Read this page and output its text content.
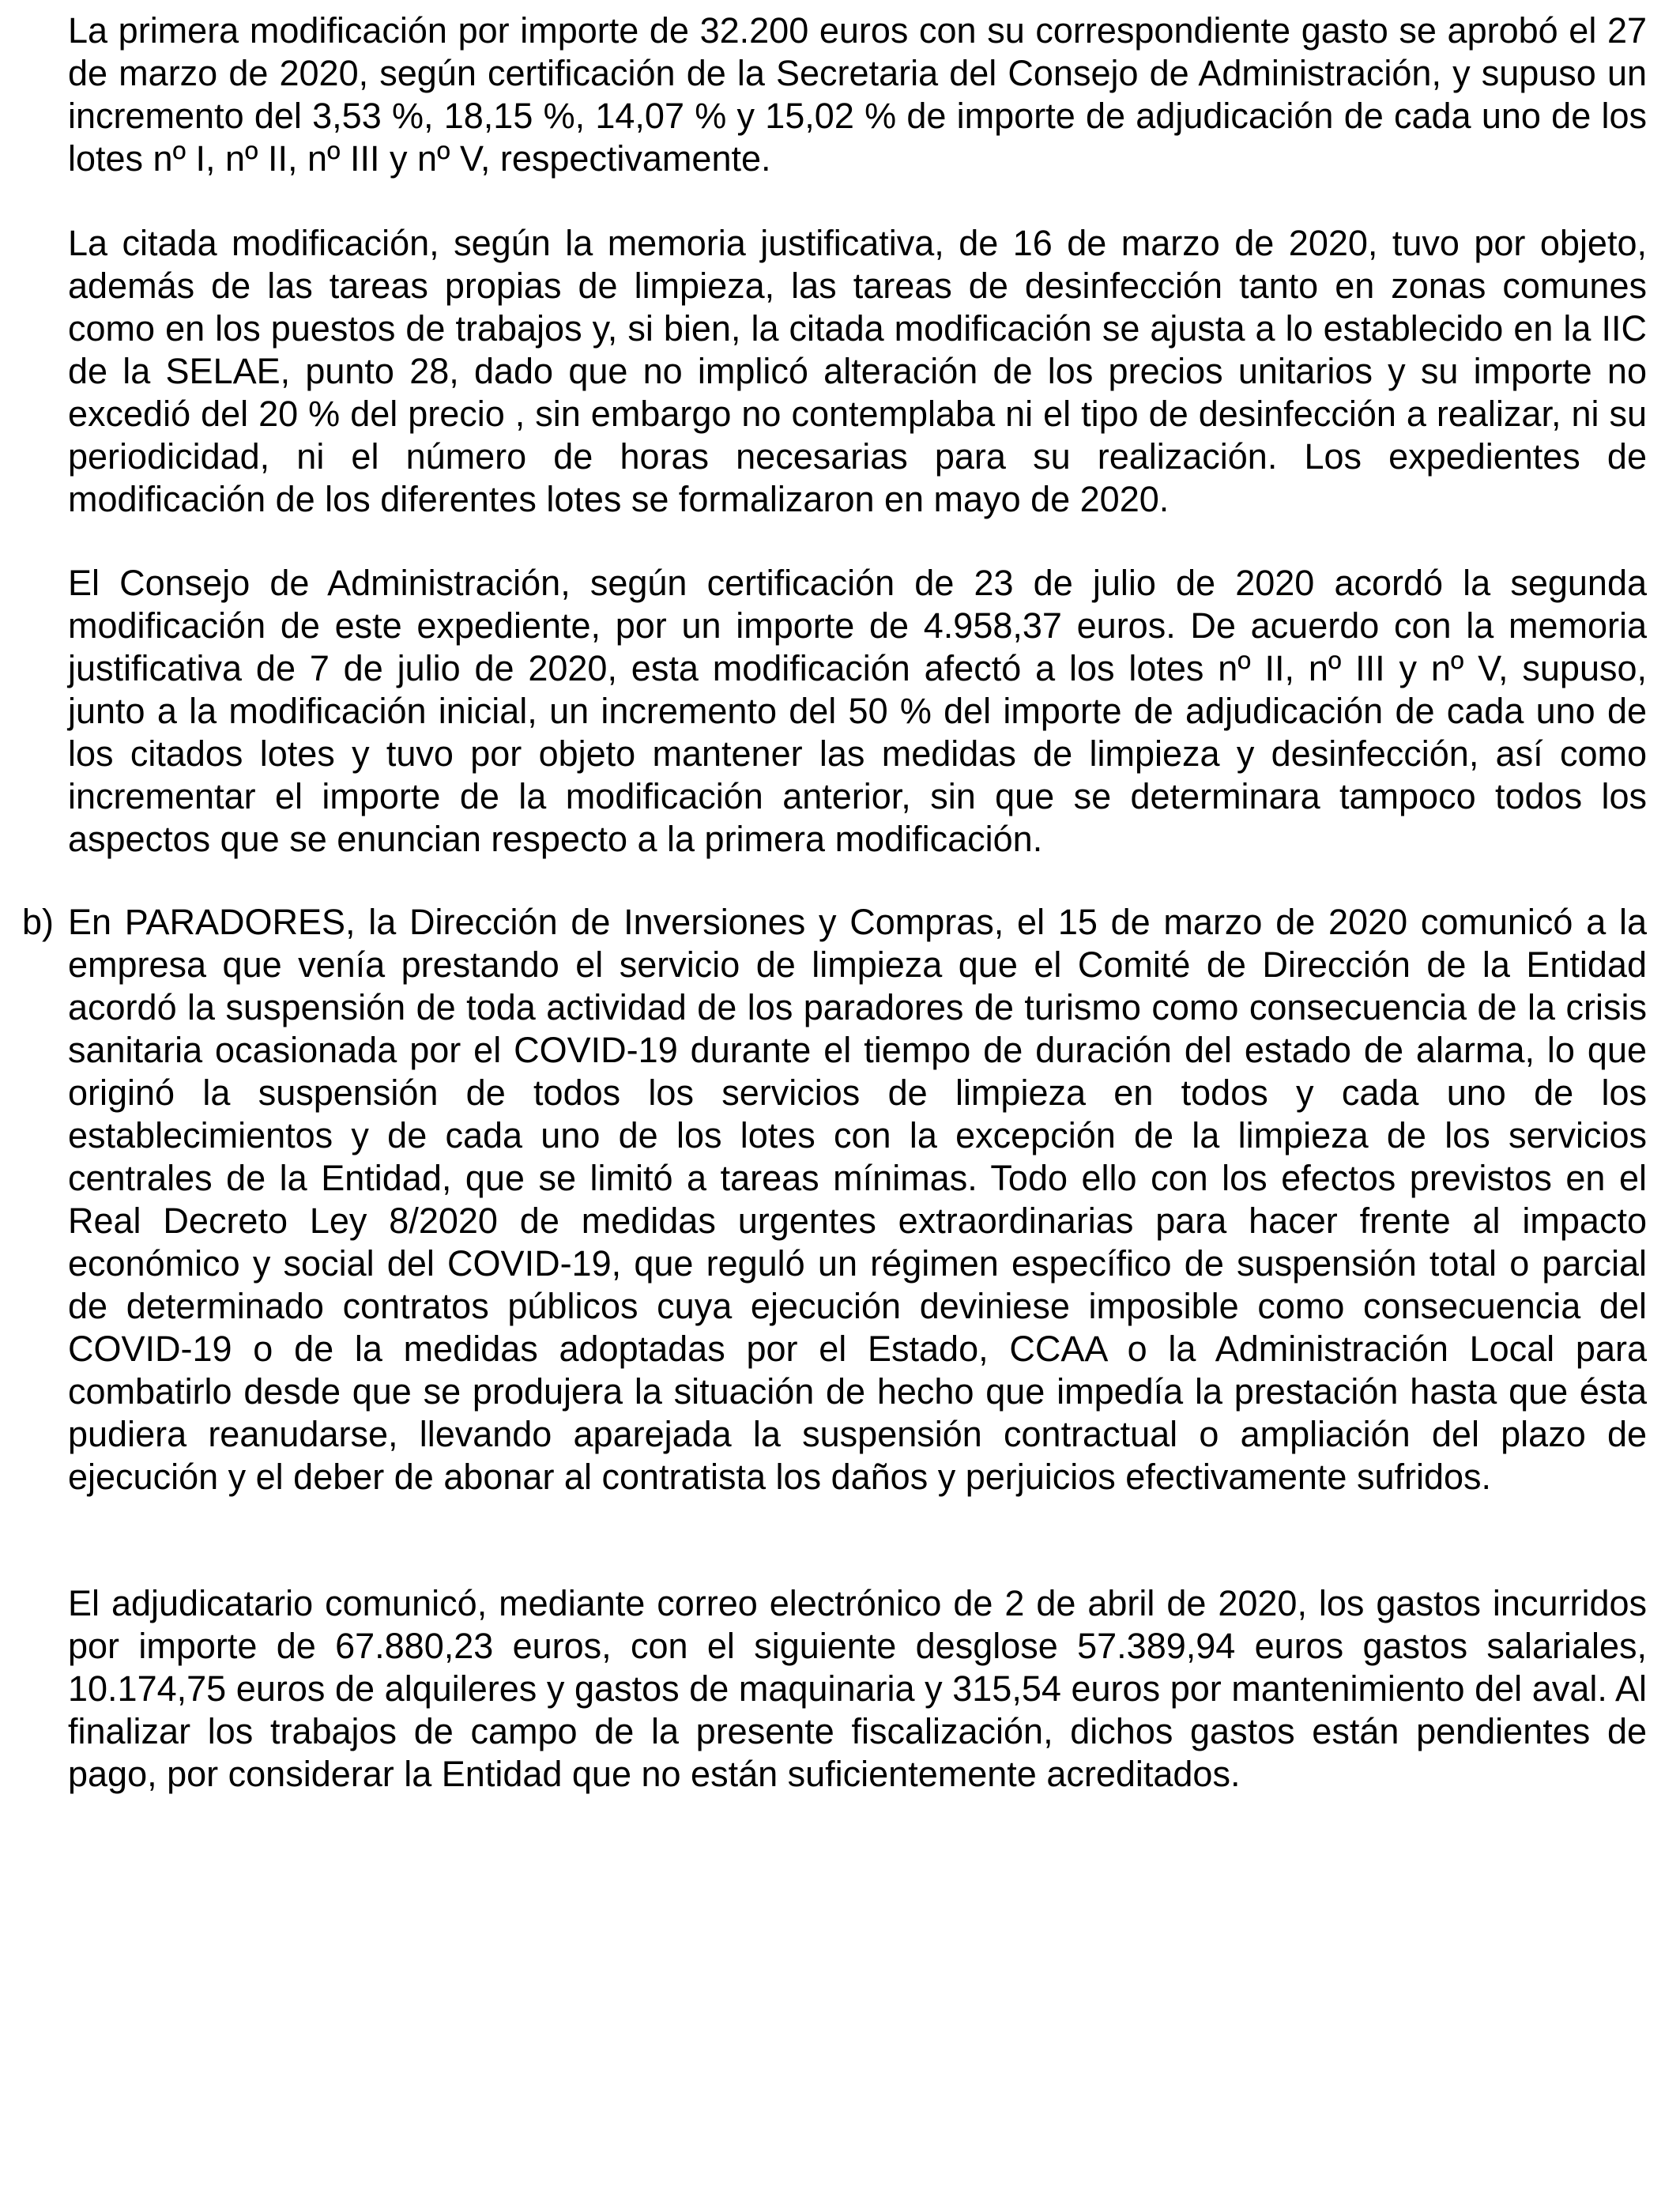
La primera modificación por importe de 32.200 euros con su correspondiente gasto se aprobó el 27 de marzo de 2020, según certificación de la Secretaria del Consejo de Administración, y supuso un incremento del 3,53 %, 18,15 %, 14,07 % y 15,02 % de importe de adjudicación de cada uno de los lotes nº I, nº II, nº III y nº V, respectivamente.

La citada modificación, según la memoria justificativa, de 16 de marzo de 2020, tuvo por objeto, además de las tareas propias de limpieza, las tareas de desinfección tanto en zonas comunes como en los puestos de trabajos y, si bien, la citada modificación se ajusta a lo establecido en la IIC de la SELAE, punto 28, dado que no implicó alteración de los precios unitarios y su importe no excedió del 20 % del precio , sin embargo no contemplaba ni el tipo de desinfección a realizar, ni su periodicidad, ni el número de horas necesarias para su realización. Los expedientes de modificación de los diferentes lotes se formalizaron en mayo de 2020.

El Consejo de Administración, según certificación de 23 de julio de 2020 acordó la segunda modificación de este expediente, por un importe de 4.958,37 euros. De acuerdo con la memoria justificativa de 7 de julio de 2020, esta modificación afectó a los lotes nº II, nº III y nº V, supuso, junto a la modificación inicial, un incremento del 50 % del importe de adjudicación de cada uno de los citados lotes y tuvo por objeto mantener las medidas de limpieza y desinfección, así como incrementar el importe de la modificación anterior, sin que se determinara tampoco todos los aspectos que se enuncian respecto a la primera modificación.

b) En PARADORES, la Dirección de Inversiones y Compras, el 15 de marzo de 2020 comunicó a la empresa que venía prestando el servicio de limpieza que el Comité de Dirección de la Entidad acordó la suspensión de toda actividad de los paradores de turismo como consecuencia de la crisis sanitaria ocasionada por el COVID-19 durante el tiempo de duración del estado de alarma, lo que originó la suspensión de todos los servicios de limpieza en todos y cada uno de los establecimientos y de cada uno de los lotes con la excepción de la limpieza de los servicios centrales de la Entidad, que se limitó a tareas mínimas. Todo ello con los efectos previstos en el Real Decreto Ley 8/2020 de medidas urgentes extraordinarias para hacer frente al impacto económico y social del COVID-19, que reguló un régimen específico de suspensión total o parcial de determinado contratos públicos cuya ejecución deviniese imposible como consecuencia del COVID-19 o de la medidas adoptadas por el Estado, CCAA o la Administración Local para combatirlo desde que se produjera la situación de hecho que impedía la prestación hasta que ésta pudiera reanudarse, llevando aparejada la suspensión contractual o ampliación del plazo de ejecución y el deber de abonar al contratista los daños y perjuicios efectivamente sufridos.

El adjudicatario comunicó, mediante correo electrónico de 2 de abril de 2020, los gastos incurridos por importe de 67.880,23 euros, con el siguiente desglose 57.389,94 euros gastos salariales, 10.174,75 euros de alquileres y gastos de maquinaria y 315,54 euros por mantenimiento del aval. Al finalizar los trabajos de campo de la presente fiscalización, dichos gastos están pendientes de pago, por considerar la Entidad que no están suficientemente acreditados.
